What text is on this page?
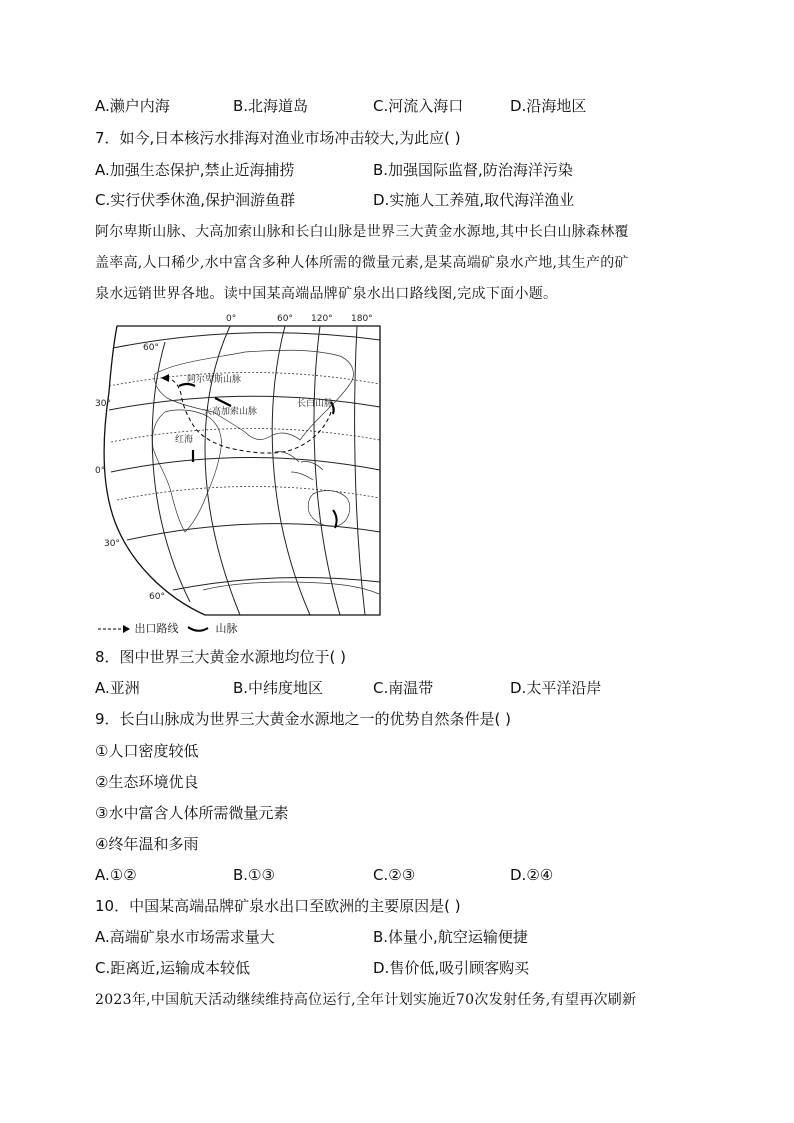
A.濑户内海	B.北海道岛	C.河流入海口	D.沿海地区
7．如今,日本核污水排海对渔业市场冲击较大,为此应( )
A.加强生态保护,禁止近海捕捞	B.加强国际监督,防治海洋污染
C.实行伏季休渔,保护洄游鱼群	D.实施人工养殖,取代海洋渔业
阿尔卑斯山脉、大高加索山脉和长白山脉是世界三大黄金水源地,其中长白山脉森林覆
盖率高,人口稀少,水中富含多种人体所需的微量元素,是某高端矿泉水产地,其生产的矿
泉水远销世界各地。读中国某高端品牌矿泉水出口路线图,完成下面小题。
0°	60° 120° 180°
60°
30°
0°
30°
60°
阿尔卑斯山脉
大高加索山脉
长白山脉
红海
出口路线	山脉
8．图中世界三大黄金水源地均位于( )
A.亚洲	B.中纬度地区	C.南温带	D.太平洋沿岸
9．长白山脉成为世界三大黄金水源地之一的优势自然条件是( )
①人口密度较低
②生态环境优良
③水中富含人体所需微量元素
④终年温和多雨
A.①②	B.①③	C.②③	D.②④
10．中国某高端品牌矿泉水出口至欧洲的主要原因是( )
A.高端矿泉水市场需求量大	B.体量小,航空运输便捷
C.距离近,运输成本较低	D.售价低,吸引顾客购买
2023年,中国航天活动继续维持高位运行,全年计划实施近70次发射任务,有望再次刷新
